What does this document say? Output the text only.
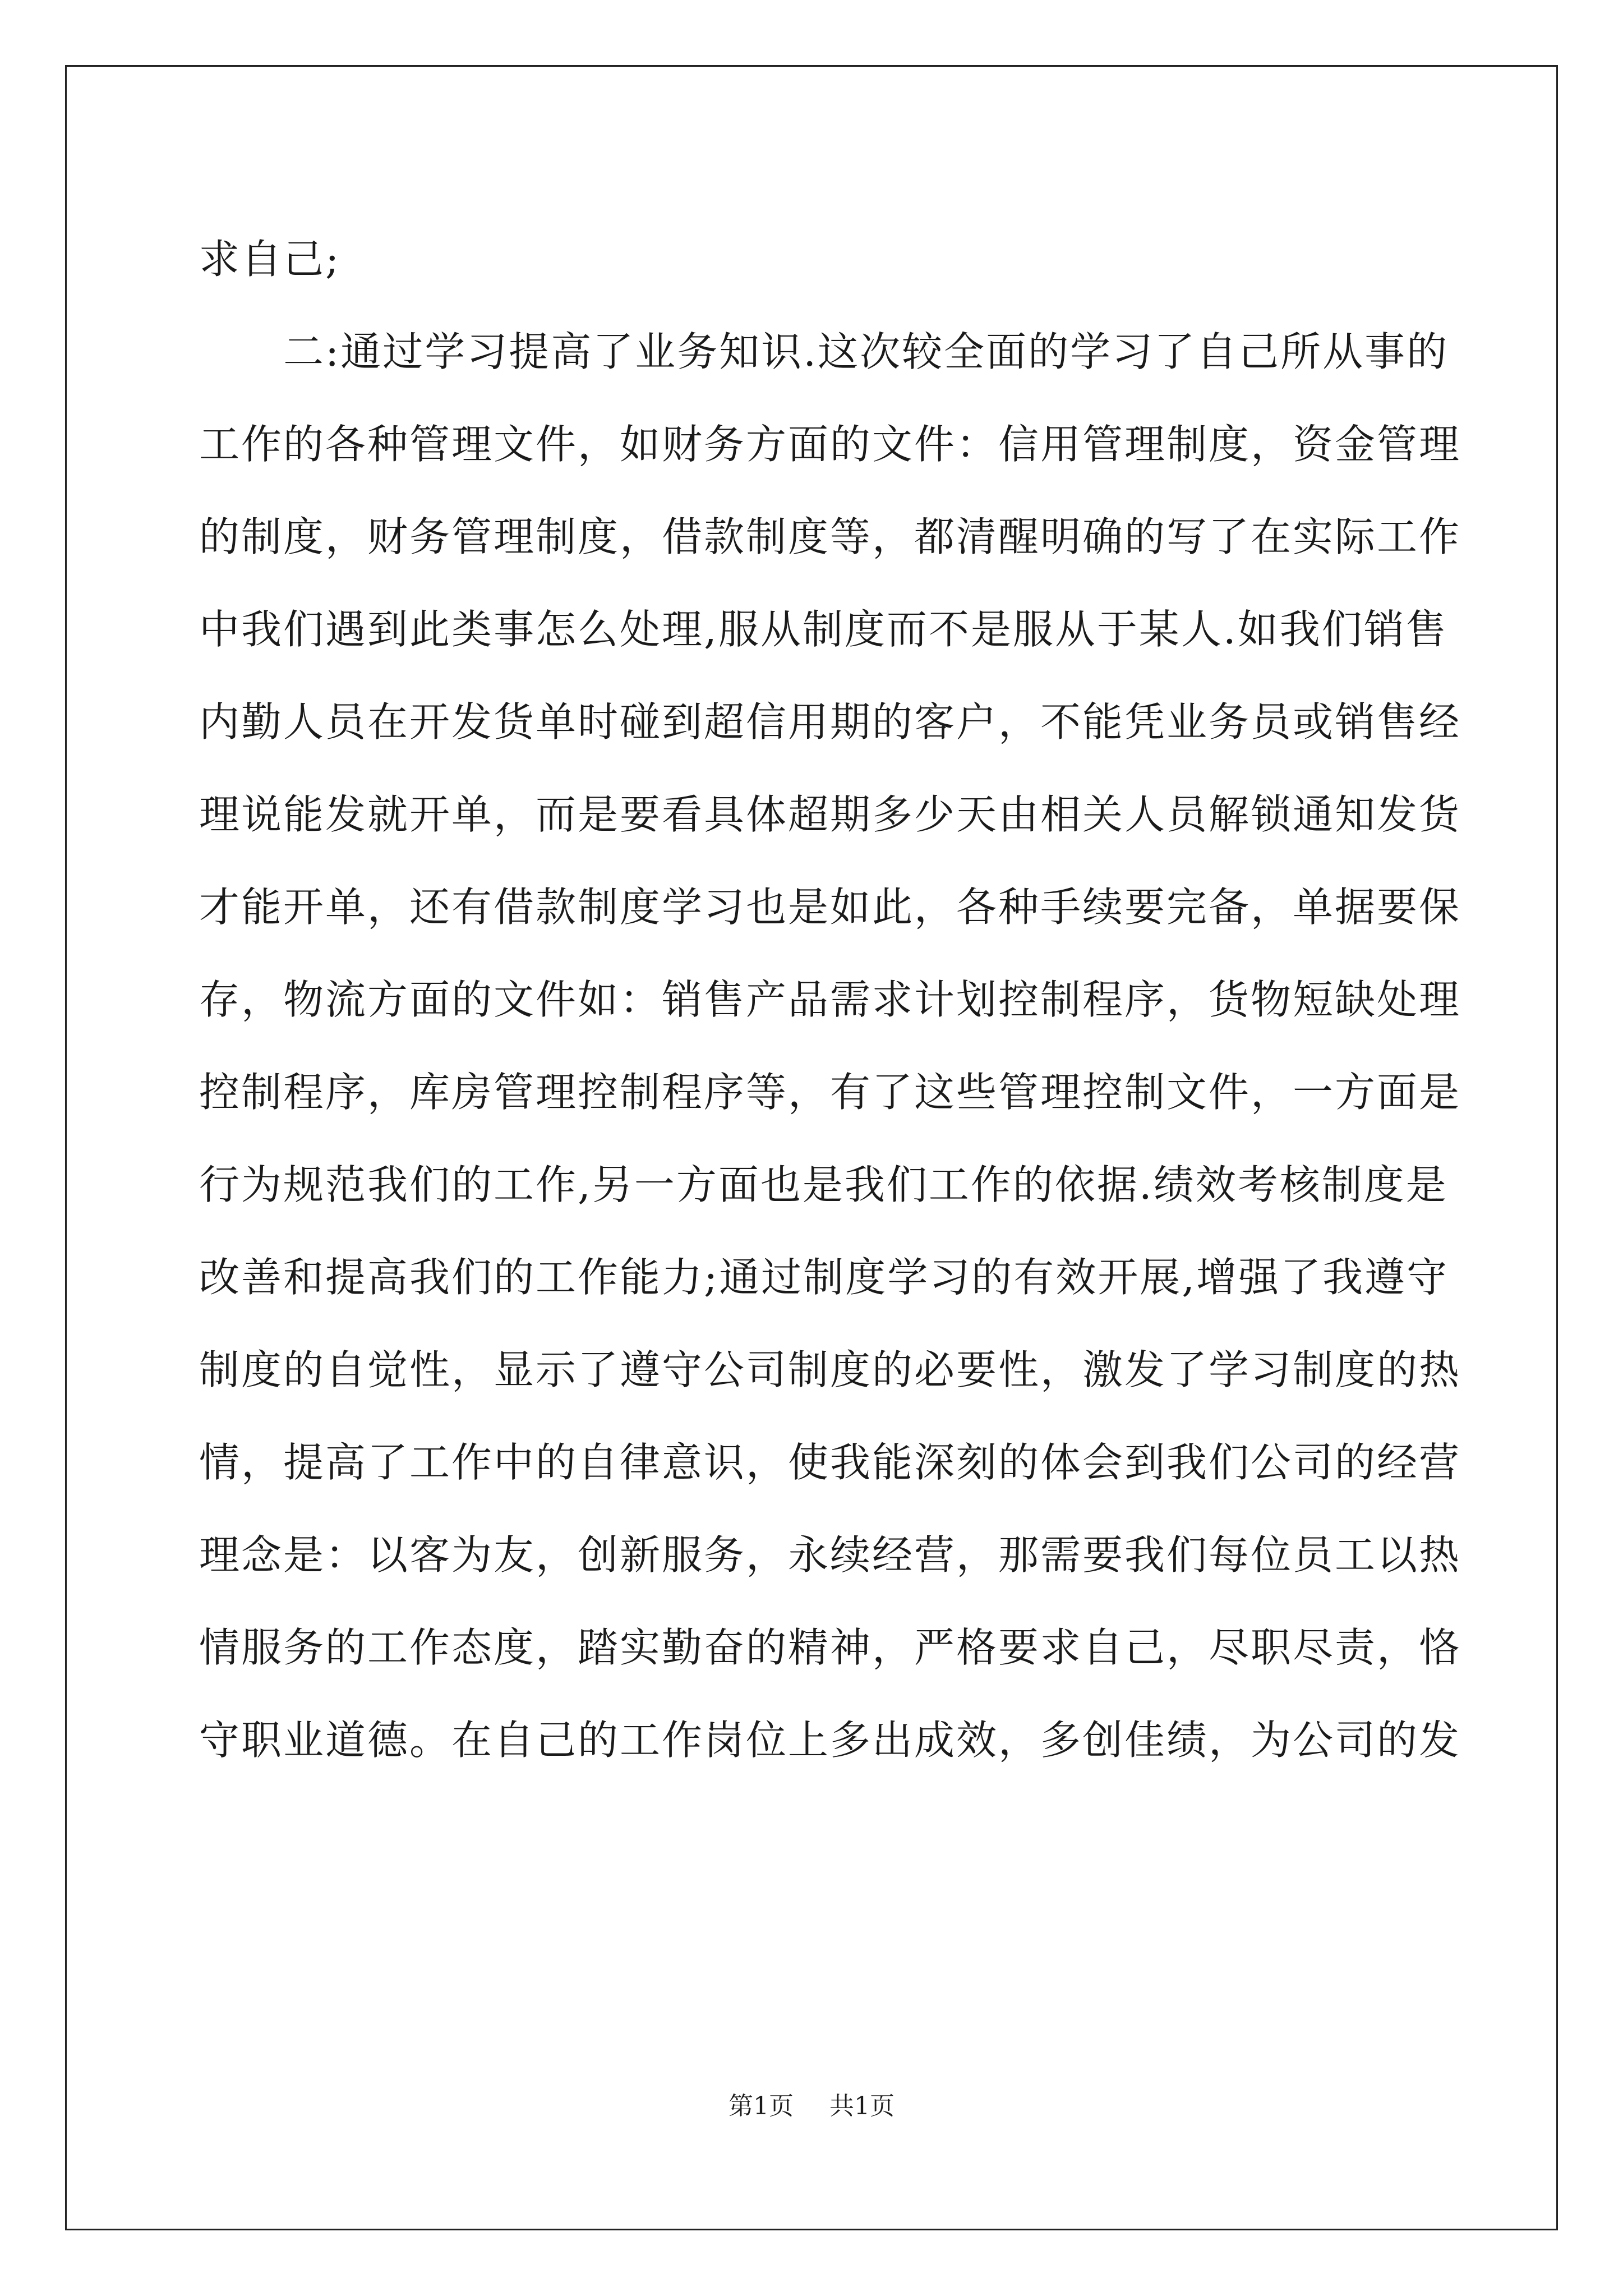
求自己;
　　二:通过学习提高了业务知识.这次较全面的学习了自己所从事的
工作的各种管理文件，如财务方面的文件：信用管理制度，资金管理
的制度，财务管理制度，借款制度等，都清醒明确的写了在实际工作
中我们遇到此类事怎么处理,服从制度而不是服从于某人.如我们销售
内勤人员在开发货单时碰到超信用期的客户，不能凭业务员或销售经
理说能发就开单，而是要看具体超期多少天由相关人员解锁通知发货
才能开单，还有借款制度学习也是如此，各种手续要完备，单据要保
存，物流方面的文件如：销售产品需求计划控制程序，货物短缺处理
控制程序，库房管理控制程序等，有了这些管理控制文件，一方面是
行为规范我们的工作,另一方面也是我们工作的依据.绩效考核制度是
改善和提高我们的工作能力;通过制度学习的有效开展,增强了我遵守
制度的自觉性，显示了遵守公司制度的必要性，激发了学习制度的热
情，提高了工作中的自律意识，使我能深刻的体会到我们公司的经营
理念是：以客为友，创新服务，永续经营，那需要我们每位员工以热
情服务的工作态度，踏实勤奋的精神，严格要求自己，尽职尽责，恪
守职业道德。在自己的工作岗位上多出成效，多创佳绩，为公司的发
第1页 共1页
